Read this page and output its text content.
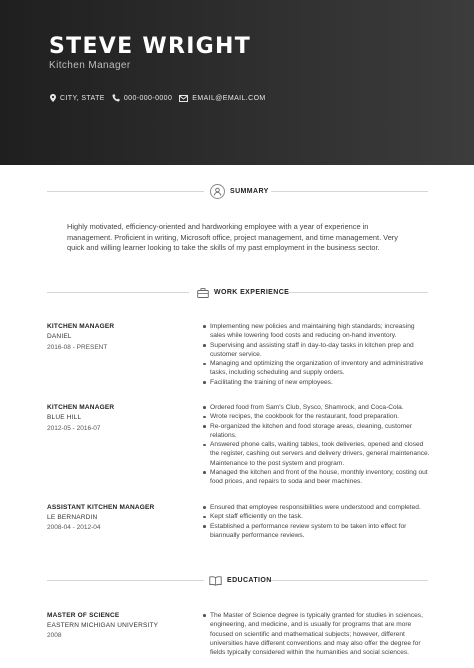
STEVE WRIGHT
Kitchen Manager
CITY, STATE	000-000-0000	EMAIL@EMAIL.COM
SUMMARY
Highly motivated, efficiency-oriented and hardworking employee with a year of experience in management. Proficient in writing, Microsoft office, project management, and time management. Very quick and willing learner looking to take the skills of my past employment in the business sector.
WORK EXPERIENCE
KITCHEN MANAGER
DANIEL
2016-08 - PRESENT
Implementing new policies and maintaining high standards; increasing sales while lowering food costs and reducing on-hand inventory.
Supervising and assisting staff in day-to-day tasks in kitchen prep and customer service.
Managing and optimizing the organization of inventory and administrative tasks, including scheduling and supply orders.
Facilitating the training of new employees.
KITCHEN MANAGER
BLUE HILL
2012-05 - 2016-07
Ordered food from Sam's Club, Sysco, Shamrock, and Coca-Cola.
Wrote recipes, the cookbook for the restaurant, food preparation.
Re-organized the kitchen and food storage areas, cleaning, customer relations.
Answered phone calls, waiting tables, took deliveries, opened and closed the register, cashing out servers and delivery drivers, general maintenance. Maintenance to the post system and program.
Managed the kitchen and front of the house, monthly inventory, costing out food prices, and repairs to soda and beer machines.
ASSISTANT KITCHEN MANAGER
LE BERNARDIN
2008-04 - 2012-04
Ensured that employee responsibilities were understood and completed.
Kept staff efficiently on the task.
Established a performance review system to be taken into effect for biannually performance reviews.
EDUCATION
MASTER OF SCIENCE
EASTERN MICHIGAN UNIVERSITY
2008
The Master of Science degree is typically granted for studies in sciences, engineering, and medicine, and is usually for programs that are more focused on scientific and mathematical subjects; however, different universities have different conventions and may also offer the degree for fields typically considered within the humanities and social sciences.
